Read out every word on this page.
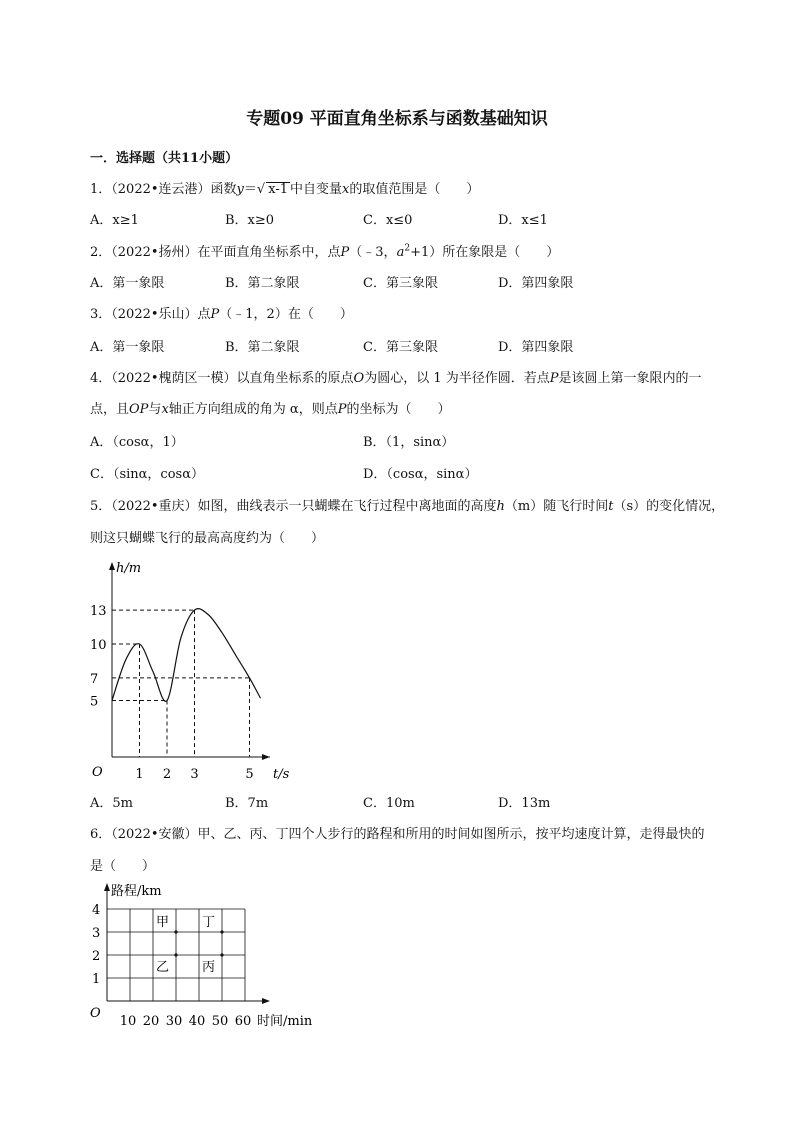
专题09 平面直角坐标系与函数基础知识
一．选择题（共11小题）
1．（2022•连云港）函数y＝√ x-1 中自变量x的取值范围是（　　）
A．x≥1	B．x≥0	C．x≤0	D．x≤1
2．（2022•扬州）在平面直角坐标系中，点P（﹣3，$a^2+1$）所在象限是（　　）
A．第一象限	B．第二象限	C．第三象限	D．第四象限
3．（2022•乐山）点P（﹣1，2）在（　　）
A．第一象限	B．第二象限	C．第三象限	D．第四象限
4．（2022•槐荫区一模）以直角坐标系的原点O为圆心，以 1 为半径作圆．若点P是该圆上第一象限内的一
点，且OP与x轴正方向组成的角为 α，则点P的坐标为（　　）
A．（cosα，1）	B．（1，sinα）
C．（sinα，cosα）	D．（cosα，sinα）
5．（2022•重庆）如图，曲线表示一只蝴蝶在飞行过程中离地面的高度h（m）随飞行时间t（s）的变化情况，
则这只蝴蝶飞行的最高高度约为（　　）
h/m
t/s
O
5
7
10
13
1 2 3	5
A．5m	B．7m	C．10m	D．13m
6．（2022•安徽）甲、乙、丙、丁四个人步行的路程和所用的时间如图所示，按平均速度计算，走得最快的
是（　　）
路程/km
时间/min
O
1
2
3
4
10 20 30 40 50 60
甲
乙	丙
丁
